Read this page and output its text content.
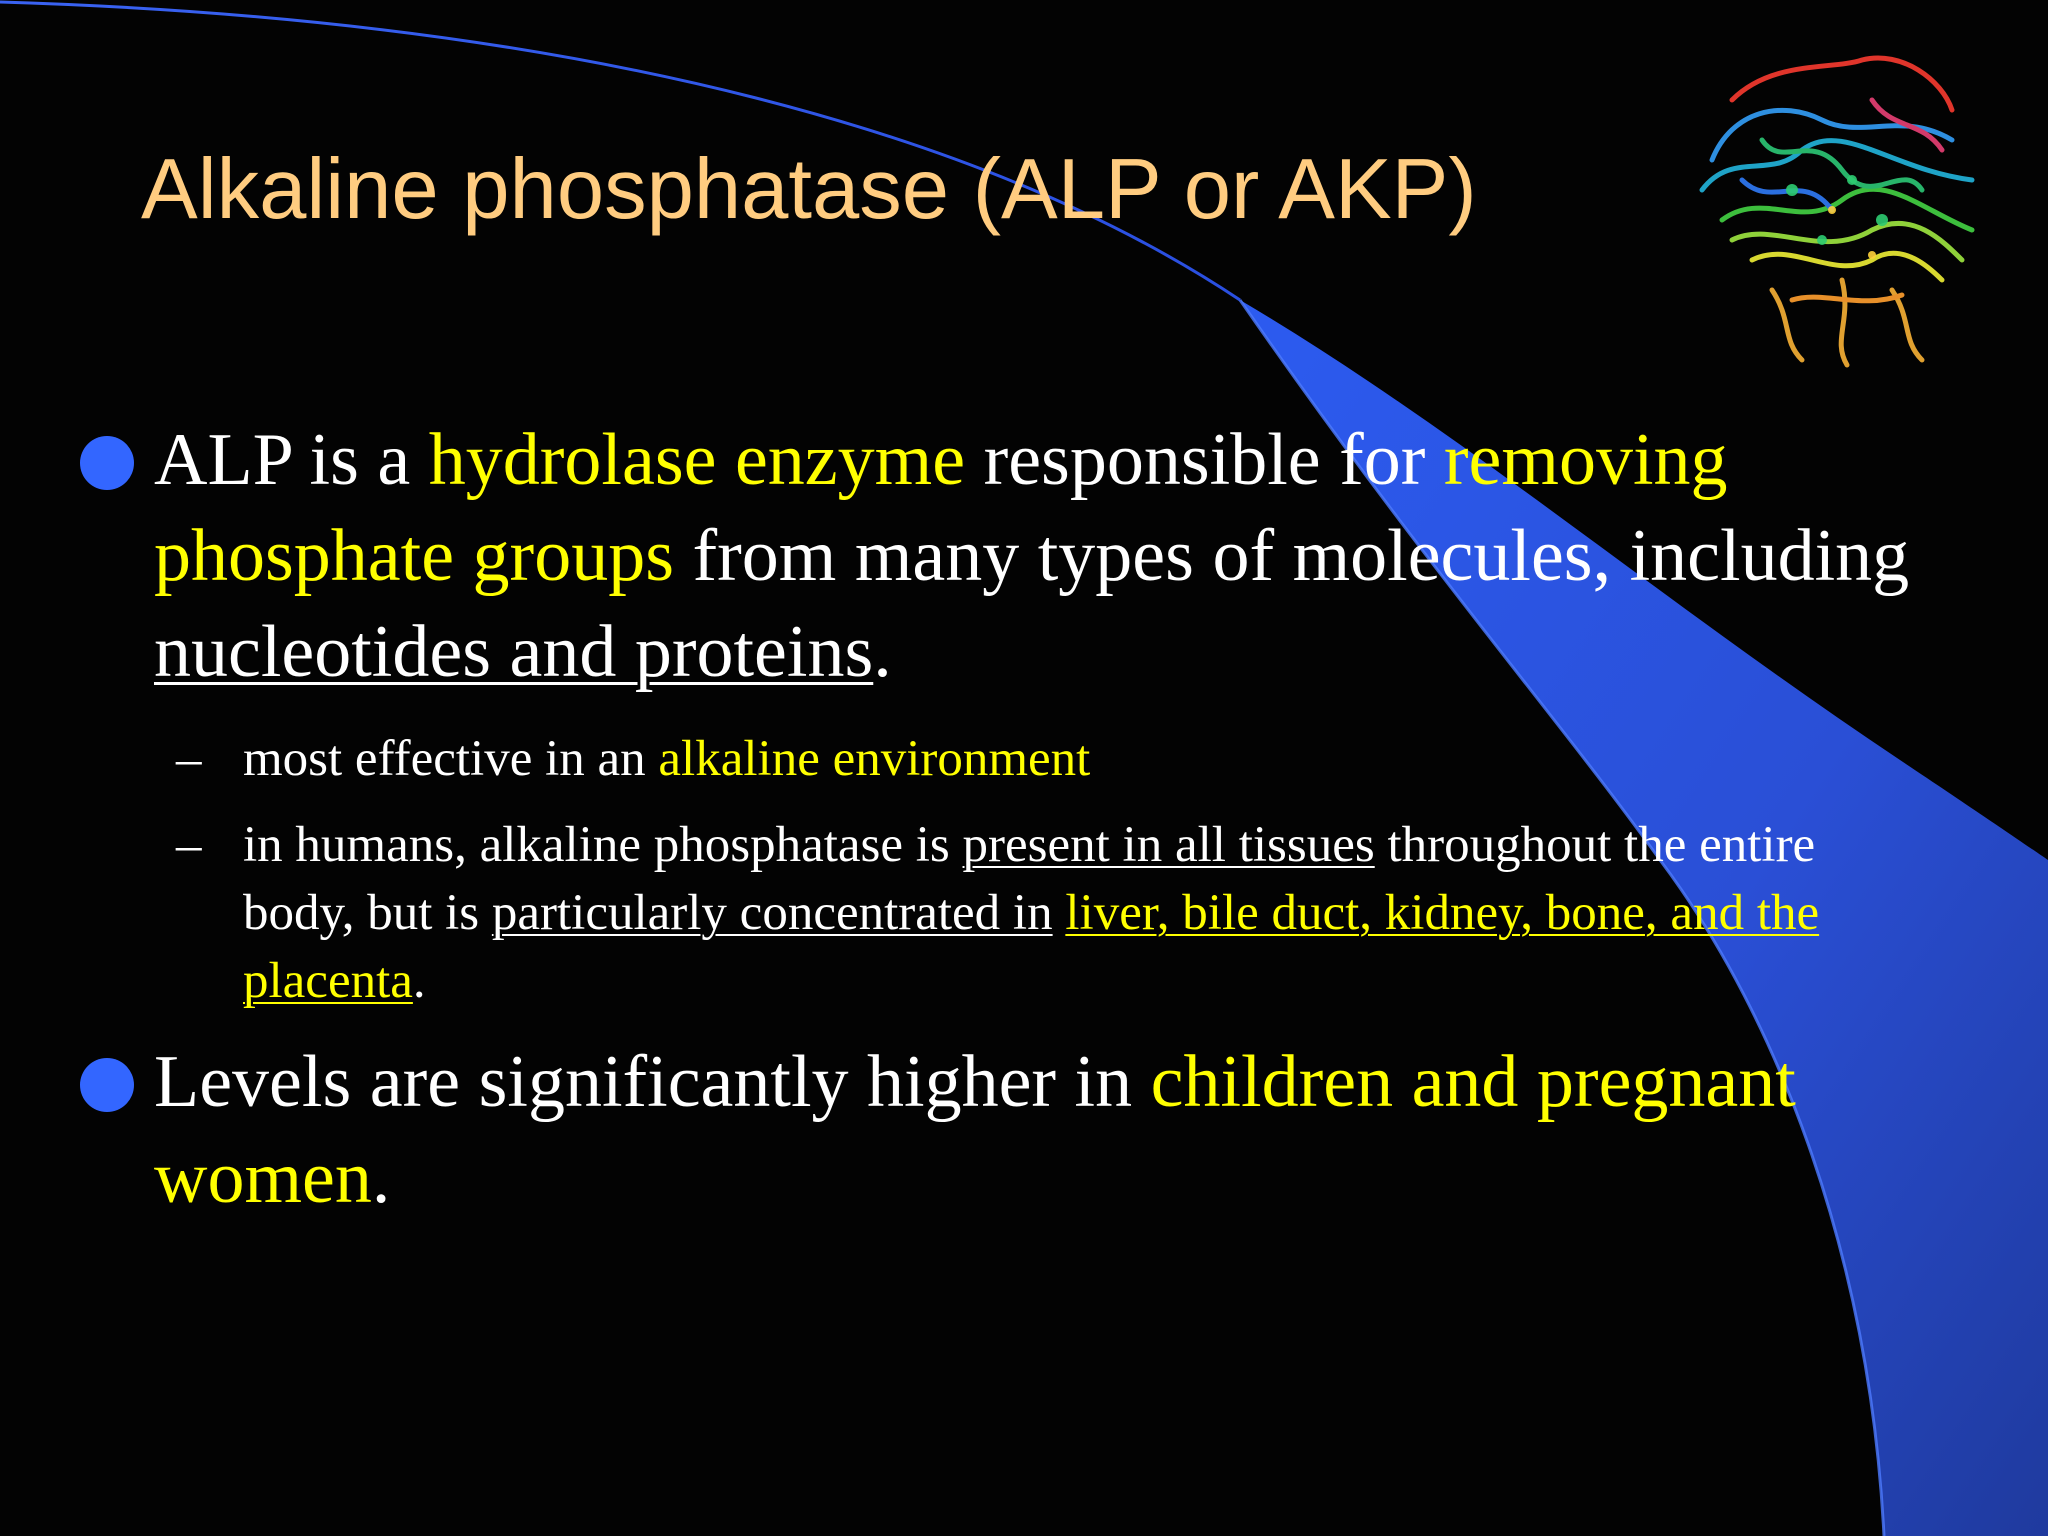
Alkaline phosphatase (ALP or AKP)

ALP is a hydrolase enzyme responsible for removing phosphate groups from many types of molecules, including nucleotides and proteins.

– most effective in an alkaline environment

– in humans, alkaline phosphatase is present in all tissues throughout the entire body, but is particularly concentrated in liver, bile duct, kidney, bone, and the placenta.

Levels are significantly higher in children and pregnant women.
